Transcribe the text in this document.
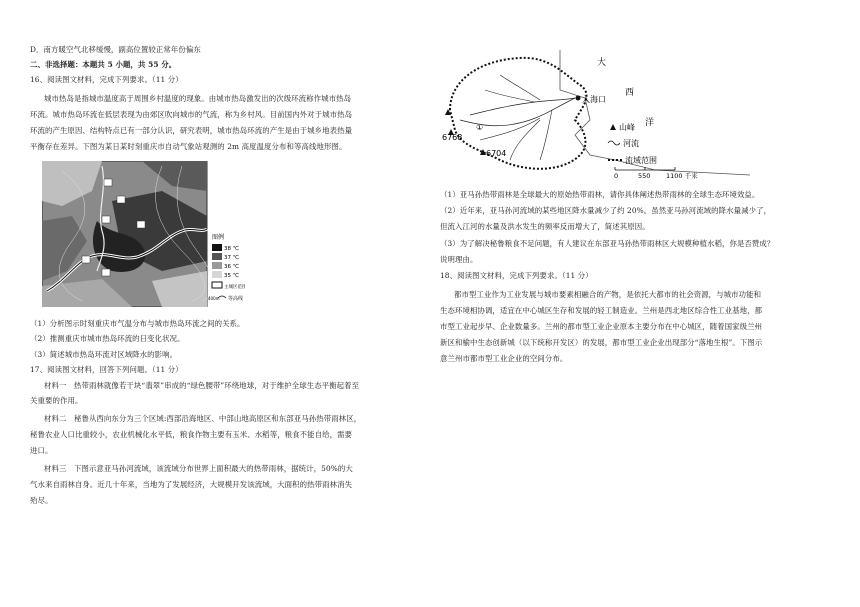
D．南方暖空气北移缓慢，副高位置较正常年份偏东
二、非选择题：本题共 5 小题，共 55 分。
16、阅读图文材料，完成下列要求。（11 分）
城市热岛是指城市温度高于周围乡村温度的现象。由城市热岛激发出的次级环流称作城市热岛
环流。城市热岛环流在低层表现为由郊区吹向城市的气流，称为乡村风。目前国内外对于城市热岛
环流的产生原因、结构特点已有一部分认识，研究表明，城市热岛环流的产生是由于城乡地表热量
平衡存在差异。下图为某日某时刻重庆市自动气象站观测的 2m 高度温度分布和等高线地形图。
（1）分析图示时刻重庆市气温分布与城市热岛环流之间的关系。
（2）推测重庆市城市热岛环流的日变化状况。
（3）简述城市热岛环流对区域降水的影响。
17、阅读图文材料，回答下列问题。（11 分）
材料一　热带雨林就像若干块“翡翠”串成的“绿色腰带”环绕地球，对于维护全球生态平衡起着至
关重要的作用。
材料二　秘鲁从西向东分为三个区域:西部沿海地区、中部山地高原区和东部亚马孙热带雨林区，
秘鲁农业人口比重较小，农业机械化水平低，粮食作物主要有玉米、水稻等，粮食不能自给，需要
进口。
材料三　下图示意亚马孙河流域，该流域分布世界上面积最大的热带雨林，据统计，50%的大
气水来自雨林自身。近几十年来，当地为了发展经济，大规模开发该流域，大面积的热带雨林消失
殆尽。
图例
38 ℃
37 ℃
36 ℃
35 ℃
主城区范围
400m 等高线
入海口
大
西
洋
6768
6704
①	山峰
河流
流域范围
0	550 1100 千米
（1）亚马孙热带雨林是全球最大的原始热带雨林，请你具体阐述热带雨林的全球生态环境效益。
（2）近年来，亚马孙河流域的某些地区降水量减少了约 20%。虽然亚马孙河流域的降水量减少了，
但流入江河的水量及洪水发生的频率反而增大了，简述其原因。
（3）为了解决秘鲁粮食不足问题，有人建议在东部亚马孙热带雨林区大规模种植水稻，你是否赞成？
说明理由。
18、阅读图文材料，完成下列要求。（11 分）
都市型工业作为工业发展与城市要素相融合的产物，是依托大都市的社会资源，与城市功能和
生态环境相协调，适宜在中心城区生存和发展的轻工制造业。兰州是西北地区综合性工业基地，都
市型工业起步早、企业数量多。兰州的都市型工业企业原本主要分布在中心城区，随着国家级兰州
新区和榆中生态创新城（以下统称开发区）的发展，都市型工业企业出现部分“落地生根”。下图示
意兰州市都市型工业企业的空间分布。
